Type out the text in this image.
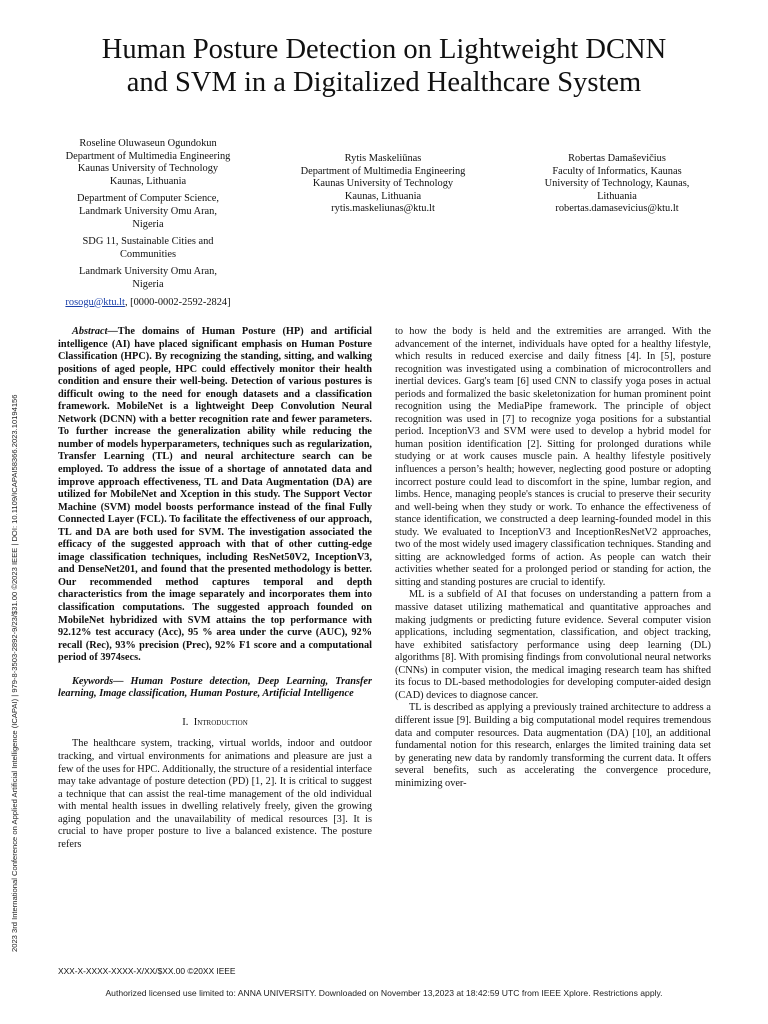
Human Posture Detection on Lightweight DCNN
and SVM in a Digitalized Healthcare System
Roseline Oluwaseun Ogundokun
Department of Multimedia Engineering
Kaunas University of Technology
Kaunas, Lithuania
Department of Computer Science,
Landmark University Omu Aran,
Nigeria
SDG 11, Sustainable Cities and
Communities
Landmark University Omu Aran,
Nigeria
rosogu@ktu.lt, [0000-0002-2592-2824]
Rytis Maskeliūnas
Department of Multimedia Engineering
Kaunas University of Technology
Kaunas, Lithuania
rytis.maskeliunas@ktu.lt
Robertas Damaševičius
Faculty of Informatics, Kaunas
University of Technology, Kaunas,
Lithuania
robertas.damasevicius@ktu.lt
2023 3rd International Conference on Applied Artificial Intelligence (ICAPAI) | 979-8-3503-2892-9/23/$31.00 ©2023 IEEE | DOI: 10.1109/ICAPAI58366.2023.10194156

Abstract—The domains of Human Posture (HP) and artificial intelligence (AI) have placed significant emphasis on Human Posture Classification (HPC). By recognizing the standing, sitting, and walking positions of aged people, HPC could effectively monitor their health condition and ensure their well-being. Detection of various postures is difficult owing to the need for enough datasets and a classification framework. MobileNet is a lightweight Deep Convolution Neural Network (DCNN) with a better recognition rate and fewer parameters. To further increase the generalization ability while reducing the number of models hyperparameters, techniques such as regularization, Transfer Learning (TL) and neural architecture search can be employed. To address the issue of a shortage of annotated data and improve approach effectiveness, TL and Data Augmentation (DA) are utilized for MobileNet and Xception in this study. The Support Vector Machine (SVM) model boosts performance instead of the final Fully Connected Layer (FCL). To facilitate the effectiveness of our approach, TL and DA are both used for SVM. The investigation associated the efficacy of the suggested approach with that of other cutting-edge image classification techniques, including ResNet50V2, InceptionV3, and DenseNet201, and found that the presented methodology is better. Our recommended method captures temporal and depth characteristics from the image separately and incorporates them into classification computations. The suggested approach founded on MobileNet hybridized with SVM attains the top performance with 92.12% test accuracy (Acc), 95 % area under the curve (AUC), 92% recall (Rec), 93% precision (Prec), 92% F1 score and a computational period of 3974secs.

Keywords— Human Posture detection, Deep Learning, Transfer learning, Image classification, Human Posture, Artificial Intelligence

I. Introduction

The healthcare system, tracking, virtual worlds, indoor and outdoor tracking, and virtual environments for animations and pleasure are just a few of the uses for HPC. Additionally, the structure of a residential interface may take advantage of posture detection (PD) [1, 2]. It is critical to suggest a technique that can assist the real-time management of the old individual with mental health issues in dwelling relatively freely, given the growing aging population and the unavailability of medical resources [3]. It is crucial to have proper posture to live a balanced existence. The posture refers

to how the body is held and the extremities are arranged. With the advancement of the internet, individuals have opted for a healthy lifestyle, which results in reduced exercise and daily fitness [4]. In [5], posture recognition was investigated using a combination of microcontrollers and inertial devices. Garg's team [6] used CNN to classify yoga poses in actual periods and formalized the basic skeletonization for human prominent point recognition using the MediaPipe framework. The principle of object recognition was used in [7] to recognize yoga positions for a substantial period. InceptionV3 and SVM were used to develop a hybrid model for human position identification [2]. Sitting for prolonged durations while studying or at work causes muscle pain. A healthy lifestyle positively influences a person’s health; however, neglecting good posture or adopting incorrect posture could lead to discomfort in the spine, lumbar region, and limbs. Hence, managing people's stances is crucial to preserve their security and well-being when they study or work. To enhance the effectiveness of stance identification, we constructed a deep learning-founded model in this study. We evaluated to InceptionV3 and InceptionResNetV2 approaches, two of the most widely used imagery classification techniques. Standing and sitting are acknowledged forms of action. As people can watch their activities whether seated for a prolonged period or standing for action, the sitting and standing postures are crucial to identify.

ML is a subfield of AI that focuses on understanding a pattern from a massive dataset utilizing mathematical and quantitative approaches and making judgments or predicting future evidence. Several computer vision applications, including segmentation, classification, and object tracking, have exhibited satisfactory performance using deep learning (DL) algorithms [8]. With promising findings from convolutional neural networks (CNNs) in computer vision, the medical imaging research team has shifted its focus to DL-based methodologies for developing computer-aided design (CAD) devices to diagnose cancer.

TL is described as applying a previously trained architecture to address a different issue [9]. Building a big computational model requires tremendous data and computer resources. Data augmentation (DA) [10], an additional fundamental notion for this research, enlarges the limited training data set by generating new data by randomly transforming the current data. It offers several benefits, such as accelerating the convergence procedure, minimizing over-

XXX-X-XXXX-XXXX-X/XX/$XX.00 ©20XX IEEE
Authorized licensed use limited to: ANNA UNIVERSITY. Downloaded on November 13,2023 at 18:42:59 UTC from IEEE Xplore. Restrictions apply.
